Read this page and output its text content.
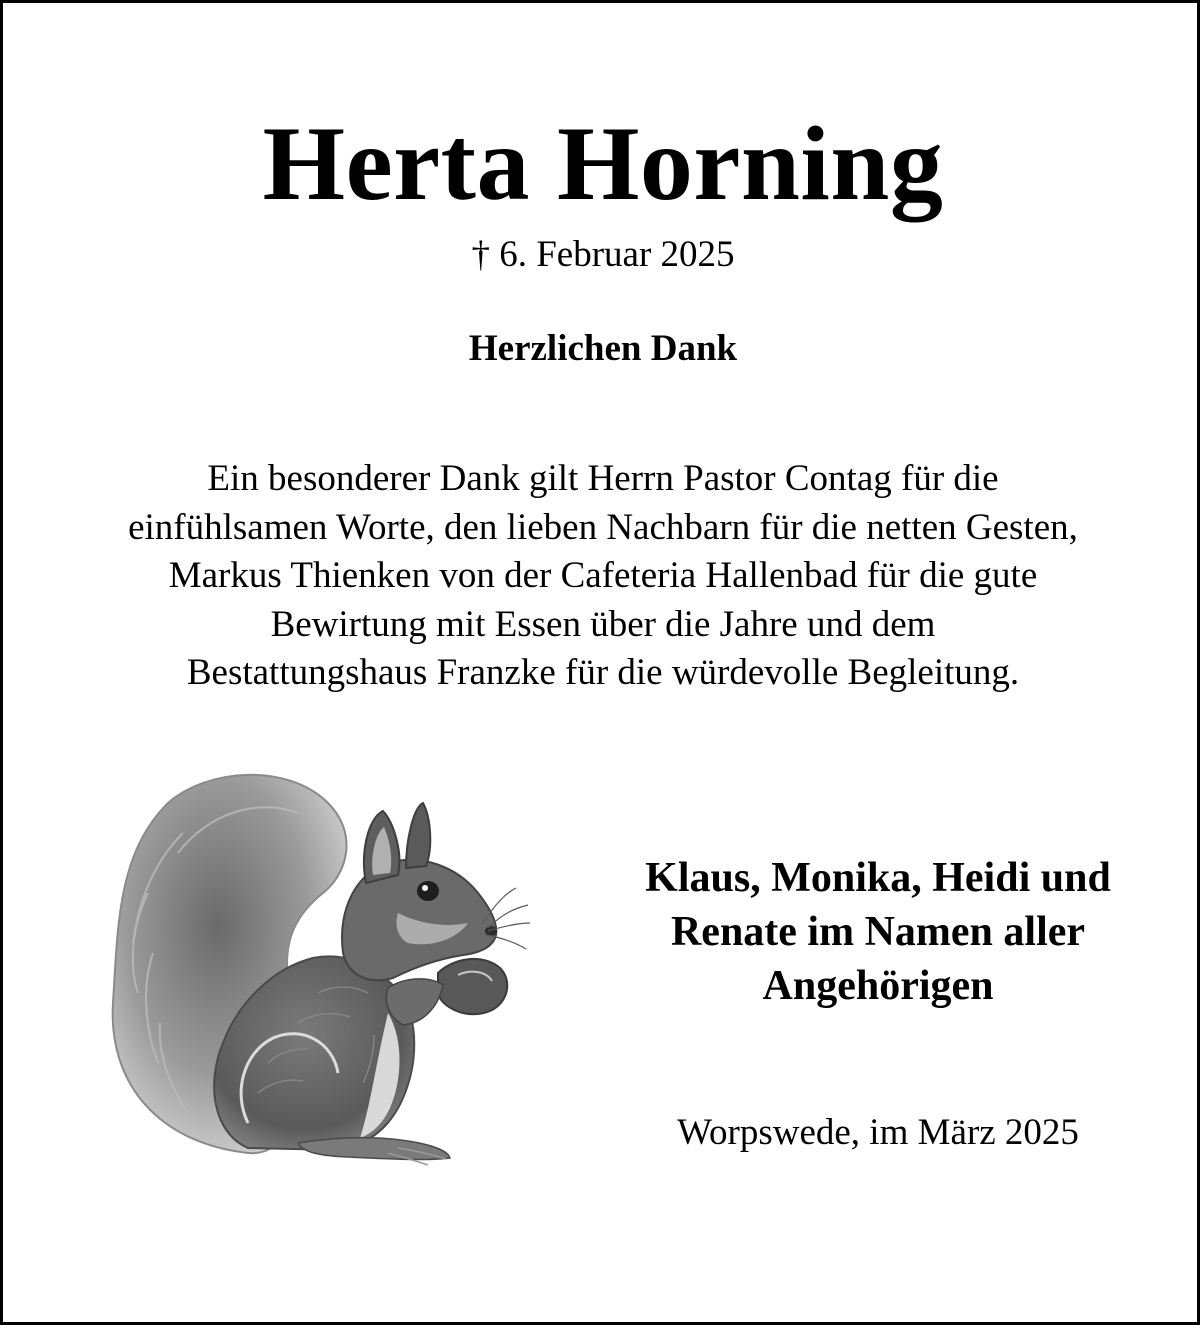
Herta Horning
† 6. Februar 2025
Herzlichen Dank
Ein besonderer Dank gilt Herrn Pastor Contag für die
einfühlsamen Worte, den lieben Nachbarn für die netten Gesten,
Markus Thienken von der Cafeteria Hallenbad für die gute
Bewirtung mit Essen über die Jahre und dem
Bestattungshaus Franzke für die würdevolle Begleitung.
Klaus, Monika, Heidi und
Renate im Namen aller
Angehörigen
Worpswede, im März 2025
